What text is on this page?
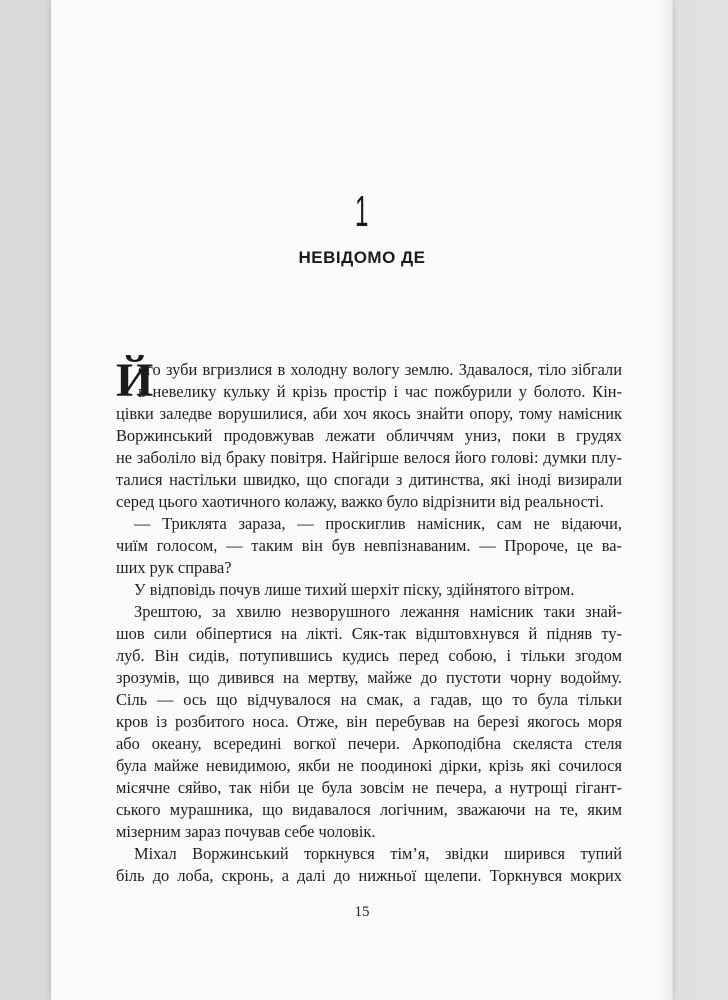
1
НЕВІДОМО ДЕ
Й
ого зуби вгризлися в холодну вологу землю. Здавалося, тіло зібгали
в невелику кульку й крізь простір і час пожбурили у болото. Кін-
цівки заледве ворушилися, аби хоч якось знайти опору, тому намісник
Воржинський продовжував лежати обличчям униз, поки в грудях
не заболіло від браку повітря. Найгірше велося його голові: думки плу-
талися настільки швидко, що спогади з дитинства, які іноді визирали
серед цього хаотичного колажу, важко було відрізнити від реальності.
— Триклята зараза, — проскиглив намісник, сам не відаючи,
чиїм голосом, — таким він був невпізнаваним. — Пророче, це ва-
ших рук справа?
У відповідь почув лише тихий шерхіт піску, здійнятого вітром.
Зрештою, за хвилю незворушного лежання намісник таки знай-
шов сили обіпертися на лікті. Сяк-так відштовхнувся й підняв ту-
луб. Він сидів, потупившись кудись перед собою, і тільки згодом
зрозумів, що дивився на мертву, майже до пустоти чорну водойму.
Сіль — ось що відчувалося на смак, а гадав, що то була тільки
кров із розбитого носа. Отже, він перебував на березі якогось моря
або океану, всередині вогкої печери. Аркоподібна скеляста стеля
була майже невидимою, якби не поодинокі дірки, крізь які сочилося
місячне сяйво, так ніби це була зовсім не печера, а нутрощі гігант-
ського мурашника, що видавалося логічним, зважаючи на те, яким
мізерним зараз почував себе чоловік.
Міхал Воржинський торкнувся тім’я, звідки ширився тупий
біль до лоба, скронь, а далі до нижньої щелепи. Торкнувся мокрих
15
